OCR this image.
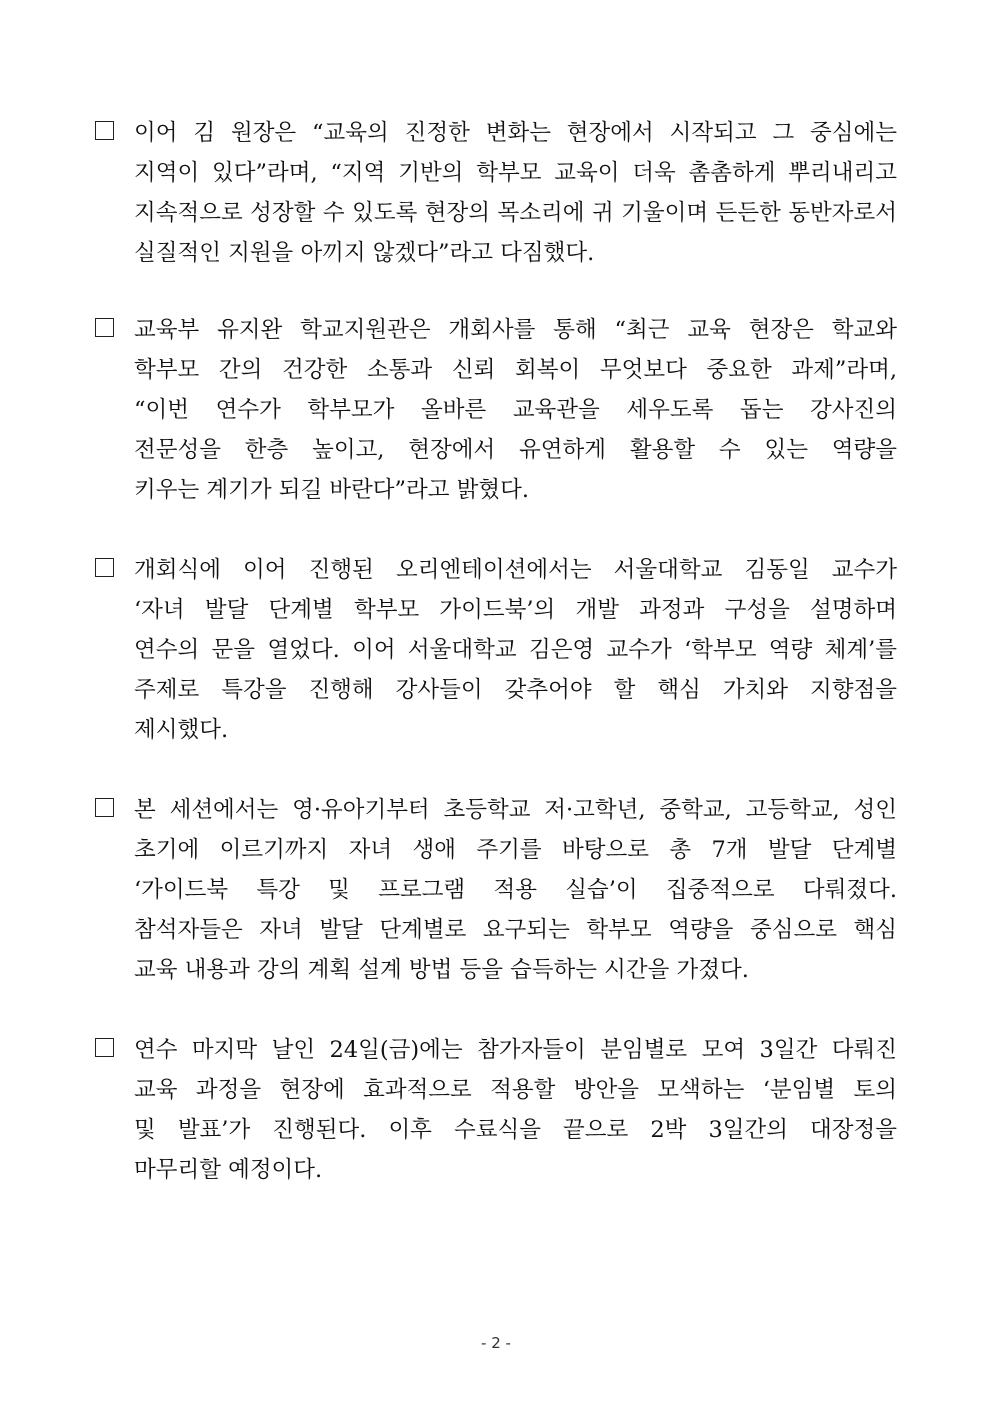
이어 김 원장은 “교육의 진정한 변화는 현장에서 시작되고 그 중심에는
지역이 있다”라며, “지역 기반의 학부모 교육이 더욱 촘촘하게 뿌리내리고
지속적으로 성장할 수 있도록 현장의 목소리에 귀 기울이며 든든한 동반자로서
실질적인 지원을 아끼지 않겠다”라고 다짐했다.
교육부 유지완 학교지원관은 개회사를 통해 “최근 교육 현장은 학교와
학부모 간의 건강한 소통과 신뢰 회복이 무엇보다 중요한 과제”라며,
“이번 연수가 학부모가 올바른 교육관을 세우도록 돕는 강사진의
전문성을 한층 높이고, 현장에서 유연하게 활용할 수 있는 역량을
키우는 계기가 되길 바란다”라고 밝혔다.
개회식에 이어 진행된 오리엔테이션에서는 서울대학교 김동일 교수가
‘자녀 발달 단계별 학부모 가이드북’의 개발 과정과 구성을 설명하며
연수의 문을 열었다. 이어 서울대학교 김은영 교수가 ‘학부모 역량 체계’를
주제로 특강을 진행해 강사들이 갖추어야 할 핵심 가치와 지향점을
제시했다.
본 세션에서는 영·유아기부터 초등학교 저·고학년, 중학교, 고등학교, 성인
초기에 이르기까지 자녀 생애 주기를 바탕으로 총 7개 발달 단계별
‘가이드북 특강 및 프로그램 적용 실습’이 집중적으로 다뤄졌다.
참석자들은 자녀 발달 단계별로 요구되는 학부모 역량을 중심으로 핵심
교육 내용과 강의 계획 설계 방법 등을 습득하는 시간을 가졌다.
연수 마지막 날인 24일(금)에는 참가자들이 분임별로 모여 3일간 다뤄진
교육 과정을 현장에 효과적으로 적용할 방안을 모색하는 ‘분임별 토의
및 발표’가 진행된다. 이후 수료식을 끝으로 2박 3일간의 대장정을
마무리할 예정이다.
- 2 -
